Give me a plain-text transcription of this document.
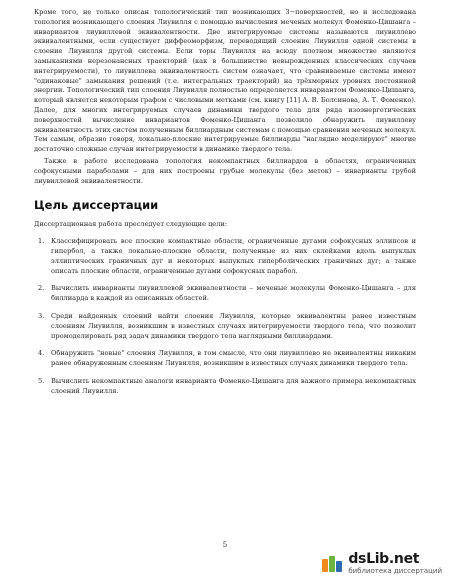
Кроме того, не только описан топологический тип возникающих 3−поверхностей, но и исследована топология возникающего слоения Лиувилля с помощью вычисления меченых молекул Фоменко-Цишанга – инвариантов лиувиллевой эквивалентности. Две интегрируемые системы называются лиувиллево эквивалентными, если существует диффеоморфизм, переводящий слоение Лиувилля одной системы в слоение Лиувилля другой системы. Если торы Лиувилля на всюду плотном множестве являются замыканиями нерезонансных траекторий (как в большинстве невырожденных классических случаев интегрируемости), то лиувиллева эквивалентность систем означает, что сравниваемые системы имеют "одинаковые" замыкания решений (т.е. интегральных траекторий) на трёхмерных уровнях постоянной энергии. Топологический тип слоения Лиувилля полностью определяется инвариантом Фоменко-Цишанга, который является некоторым графом с числовыми метками (см. книгу [11] А. В. Болсинова, А. Т. Фоменко). Далее, для многих интегрируемых случаев динамики твердого тела для ряда изоэнергетических поверхностей вычисление инвариантов Фоменко-Цишанга позволило обнаружить лиувиллеву эквивалентность этих систем полученным биллиардным системам с помощью сравнения меченых молекул. Тем самым, образно говоря, локально-плоские интегрируемые биллиарды "наглядно моделируют" многие достаточно сложные случаи интегрируемости в динамике твердого тела.

Также в работе исследована топология некомпактных биллиардов в областях, ограниченных софокусными параболами – для них построены грубые молекулы (без меток) – инварианты грубой лиувиллевой эквивалентности.

Цель диссертации

Диссертационная работа преследует следующие цели:

1. Классифицировать все плоские компактные области, ограниченные дугами софокусных эллипсов и гипербол, а также локально-плоские области, полученные из них склейками вдоль выпуклых эллиптических граничных дуг и некоторых выпуклых гиперболических граничных дуг; а также описать плоские области, ограниченные дугами софокусных парабол.

2. Вычислить инварианты лиувиллевой эквивалентности – меченые молекулы Фоменко-Цишанга – для биллиарда в каждой из описанных областей.

3. Среди найденных слоений найти слоения Лиувилля, которые эквивалентны ранее известным слоениям Лиувилля, возникшим в известных случаях интегрируемости твердого тела, что позволит промоделировать ряд задач динамики твердого тела наглядными биллиардами.

4. Обнаружить "новые" слоения Лиувилля, в том смысле, что они лиувиллево не эквивалентны никаким ранее обнаруженным слоениям Лиувилля, возникшим в известных случаях динамики твердого тела.

5. Вычислить некомпактные аналоги инварианта Фоменко-Цишанга для важного примера некомпактных слоений Лиувилля.

5
dsLib.net
библиотека диссертаций
